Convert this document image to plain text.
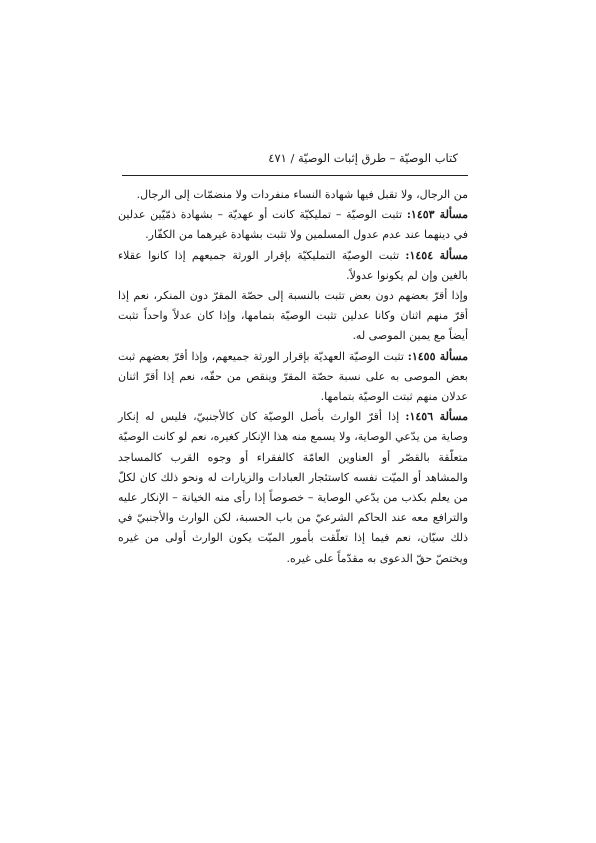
كتاب الوصيّة – طرق إثبات الوصيّة / ٤٧١

من الرجال، ولا تقبل فيها شهادة النساء منفردات ولا منضمّات إلى الرجال.

مسألة ١٤٥٣: تثبت الوصيّة – تمليكيّة كانت أو عهديّة – بشهادة ذمّيّين عدلين في دينهما عند عدم عدول المسلمين ولا تثبت بشهادة غيرهما من الكفّار.

مسألة ١٤٥٤: تثبت الوصيّة التمليكيّة بإقرار الورثة جميعهم إذا كانوا عقلاء بالغين وإن لم يكونوا عدولاً.

وإذا أقرّ بعضهم دون بعض تثبت بالنسبة إلى حصّة المقرّ دون المنكر، نعم إذا أقرّ منهم اثنان وكانا عدلين تثبت الوصيّة بتمامها، وإذا كان عدلاً واحداً تثبت أيضاً مع يمين الموصى له.

مسألة ١٤٥٥: تثبت الوصيّة العهديّة بإقرار الورثة جميعهم، وإذا أقرّ بعضهم ثبت بعض الموصى به على نسبة حصّة المقرّ وينقص من حقّه، نعم إذا أقرّ اثنان عدلان منهم ثبتت الوصيّة بتمامها.

مسألة ١٤٥٦: إذا أقرّ الوارث بأصل الوصيّة كان كالأجنبيّ، فليس له إنكار وصاية من يدّعي الوصاية، ولا يسمع منه هذا الإنكار كغيره، نعم لو كانت الوصيّة متعلّقة بالقصّر أو العناوين العامّة كالفقراء أو وجوه القرب كالمساجد والمشاهد أو الميّت نفسه كاستئجار العبادات والزيارات له ونحو ذلك كان لكلّ من يعلم بكذب من يدّعي الوصاية – خصوصاً إذا رأى منه الخيانة – الإنكار عليه والترافع معه عند الحاكم الشرعيّ من باب الحسبة، لكن الوارث والأجنبيّ في ذلك سيّان، نعم فيما إذا تعلّقت بأمور الميّت يكون الوارث أولى من غيره ويختصّ حقّ الدعوى به مقدّماً على غيره.
